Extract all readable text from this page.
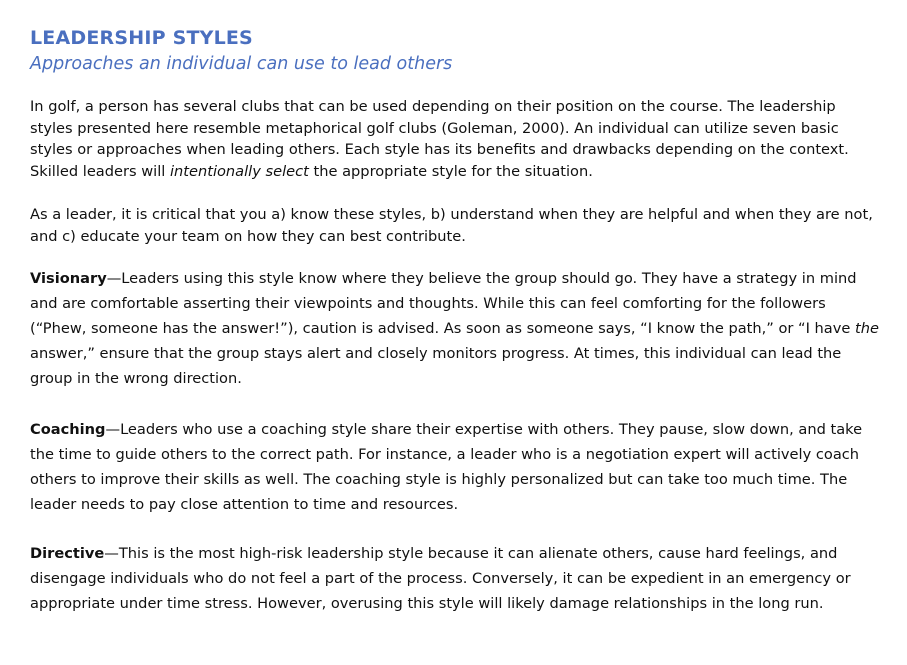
LEADERSHIP STYLES
Approaches an individual can use to lead others

In golf, a person has several clubs that can be used depending on their position on the course. The leadership styles presented here resemble metaphorical golf clubs (Goleman, 2000). An individual can utilize seven basic styles or approaches when leading others. Each style has its benefits and drawbacks depending on the context. Skilled leaders will intentionally select the appropriate style for the situation.

As a leader, it is critical that you a) know these styles, b) understand when they are helpful and when they are not, and c) educate your team on how they can best contribute.

Visionary—Leaders using this style know where they believe the group should go. They have a strategy in mind and are comfortable asserting their viewpoints and thoughts. While this can feel comforting for the followers (“Phew, someone has the answer!”), caution is advised. As soon as someone says, “I know the path,” or “I have the answer,” ensure that the group stays alert and closely monitors progress. At times, this individual can lead the group in the wrong direction.

Coaching—Leaders who use a coaching style share their expertise with others. They pause, slow down, and take the time to guide others to the correct path. For instance, a leader who is a negotiation expert will actively coach others to improve their skills as well. The coaching style is highly personalized but can take too much time. The leader needs to pay close attention to time and resources.

Directive—This is the most high-risk leadership style because it can alienate others, cause hard feelings, and disengage individuals who do not feel a part of the process. Conversely, it can be expedient in an emergency or appropriate under time stress. However, overusing this style will likely damage relationships in the long run.
